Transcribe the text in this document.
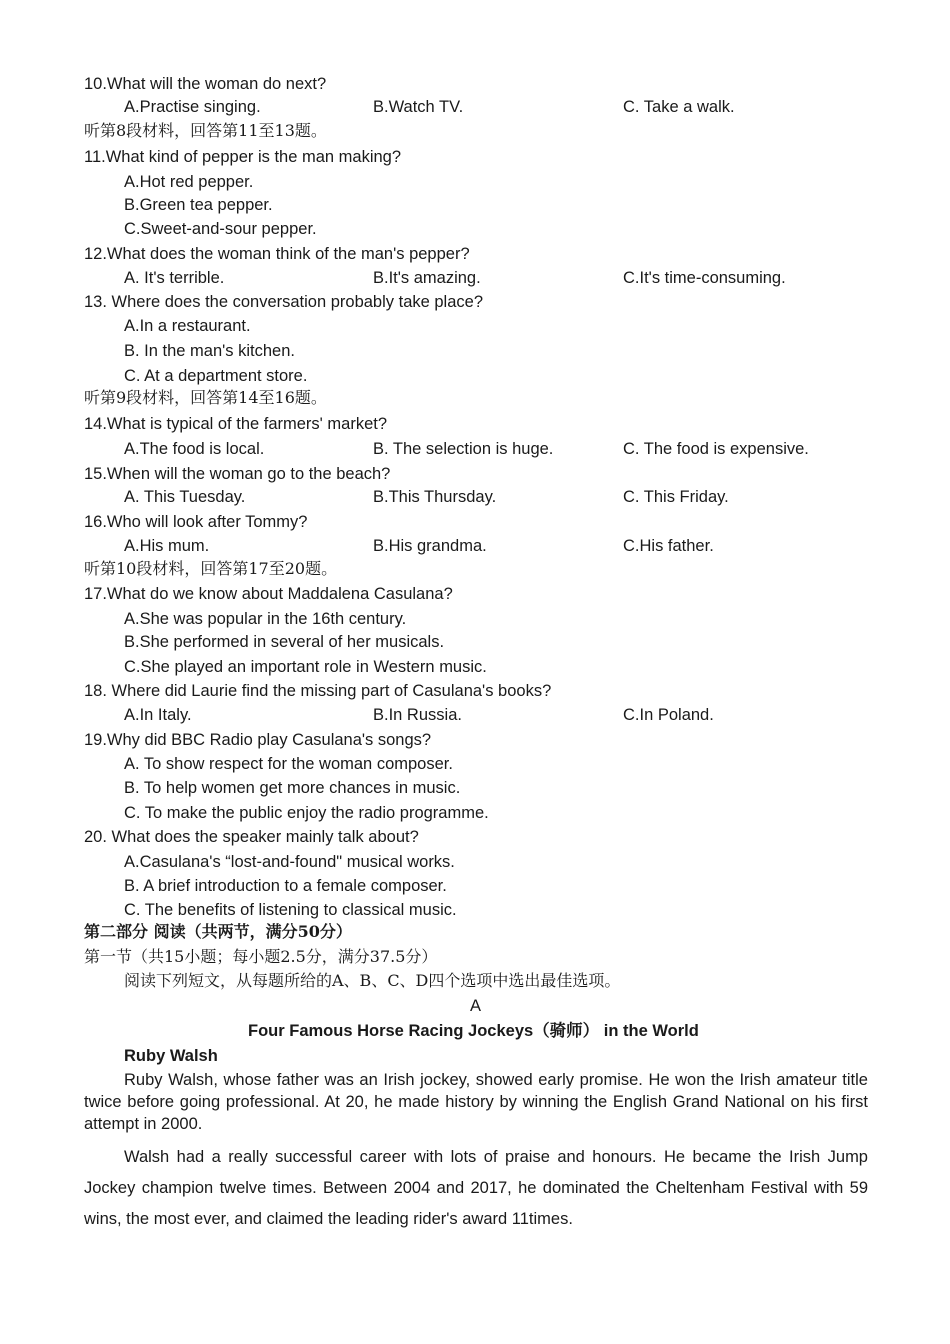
10.What will the woman do next?
A.Practise singing.	B.Watch TV.	C. Take a walk.
听第8段材料，回答第11至13题。
11.What kind of pepper is the man making?
A.Hot red pepper.
B.Green tea pepper.
C.Sweet-and-sour pepper.
12.What does the woman think of the man's pepper?
A. It's terrible.	B.It's amazing.	C.It's time-consuming.
13. Where does the conversation probably take place?
A.In a restaurant.
B. In the man's kitchen.
C. At a department store.
听第9段材料，回答第14至16题。
14.What is typical of the farmers' market?
A.The food is local.	B. The selection is huge.	C. The food is expensive.
15.When will the woman go to the beach?
A. This Tuesday.	B.This Thursday.	C. This Friday.
16.Who will look after Tommy?
A.His mum.	B.His grandma.	C.His father.
听第10段材料，回答第17至20题。
17.What do we know about Maddalena Casulana?
A.She was popular in the 16th century.
B.She performed in several of her musicals.
C.She played an important role in Western music.
18. Where did Laurie find the missing part of Casulana's books?
A.In Italy.	B.In Russia.	C.In Poland.
19.Why did BBC Radio play Casulana's songs?
A. To show respect for the woman composer.
B. To help women get more chances in music.
C. To make the public enjoy the radio programme.
20. What does the speaker mainly talk about?
A.Casulana's “lost-and-found" musical works.
B. A brief introduction to a female composer.
C. The benefits of listening to classical music.
第二部分 阅读（共两节，满分50分）
第一节（共15小题；每小题2.5分，满分37.5分）
阅读下列短文，从每题所给的A、B、C、D四个选项中选出最佳选项。
A
Four Famous Horse Racing Jockeys（骑师） in the World
Ruby Walsh
Ruby Walsh, whose father was an Irish jockey, showed early promise. He won the Irish amateur title twice before going professional. At 20, he made history by winning the English Grand National on his first attempt in 2000.
Walsh had a really successful career with lots of praise and honours. He became the Irish Jump Jockey champion twelve times. Between 2004 and 2017, he dominated the Cheltenham Festival with 59 wins, the most ever, and claimed the leading rider's award 11times.
